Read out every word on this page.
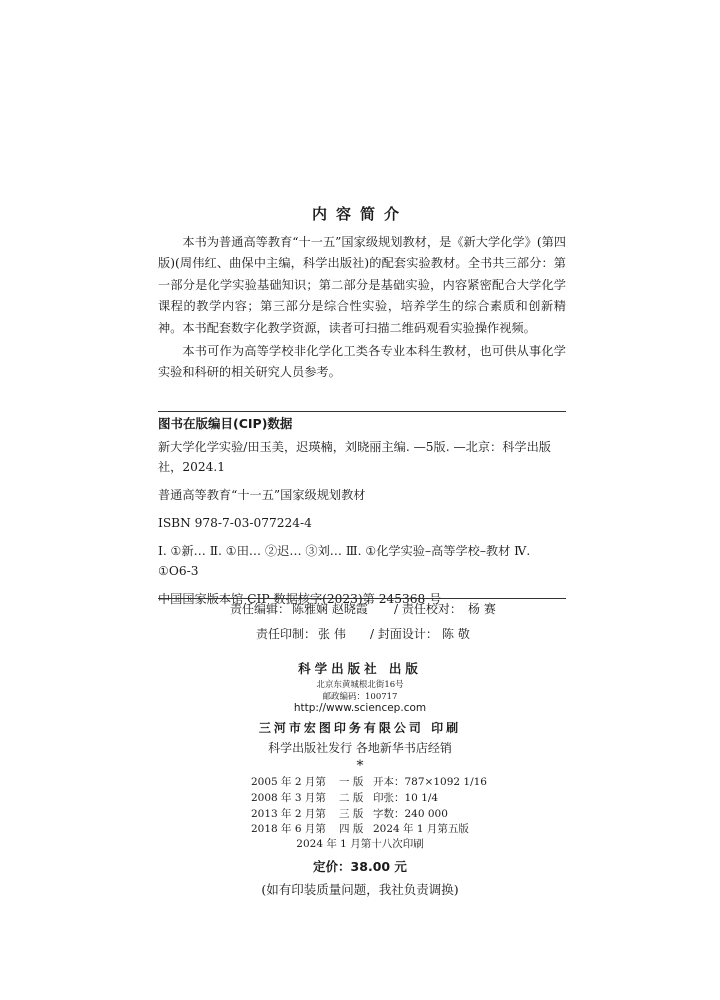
内容简介

本书为普通高等教育“十一五”国家级规划教材，是《新大学化学》(第四版)(周伟红、曲保中主编，科学出版社)的配套实验教材。全书共三部分：第一部分是化学实验基础知识；第二部分是基础实验，内容紧密配合大学化学课程的教学内容；第三部分是综合性实验，培养学生的综合素质和创新精神。本书配套数字化教学资源，读者可扫描二维码观看实验操作视频。

本书可作为高等学校非化学化工类各专业本科生教材，也可供从事化学实验和科研的相关研究人员参考。

图书在版编目(CIP)数据
新大学化学实验/田玉美，迟瑛楠，刘晓丽主编. —5版. —北京：科学出版社，2024.1
普通高等教育“十一五”国家级规划教材
ISBN 978-7-03-077224-4
Ⅰ. ①新… Ⅱ. ①田… ②迟… ③刘… Ⅲ. ①化学实验–高等学校–教材 Ⅳ. ①O6-3
中国国家版本馆 CIP 数据核字(2023)第 245368 号
责任编辑： 陈雅娴 赵晓霞 / 责任校对： 杨 赛
责任印制： 张 伟 / 封面设计： 陈 敬
科学出版社 出版
北京东黄城根北街16号
邮政编码：100717
http://www.sciencep.com
三河市宏图印务有限公司 印刷
科学出版社发行 各地新华书店经销
*
2005 年 2 月第 一 版 开本：787×1092 1/16
2008 年 3 月第 二 版 印张：10 1/4
2013 年 2 月第 三 版 字数：240 000
2018 年 6 月第 四 版 2024 年 1 月第五版
2024 年 1 月第十八次印刷
定价：38.00 元
(如有印装质量问题，我社负责调换)
